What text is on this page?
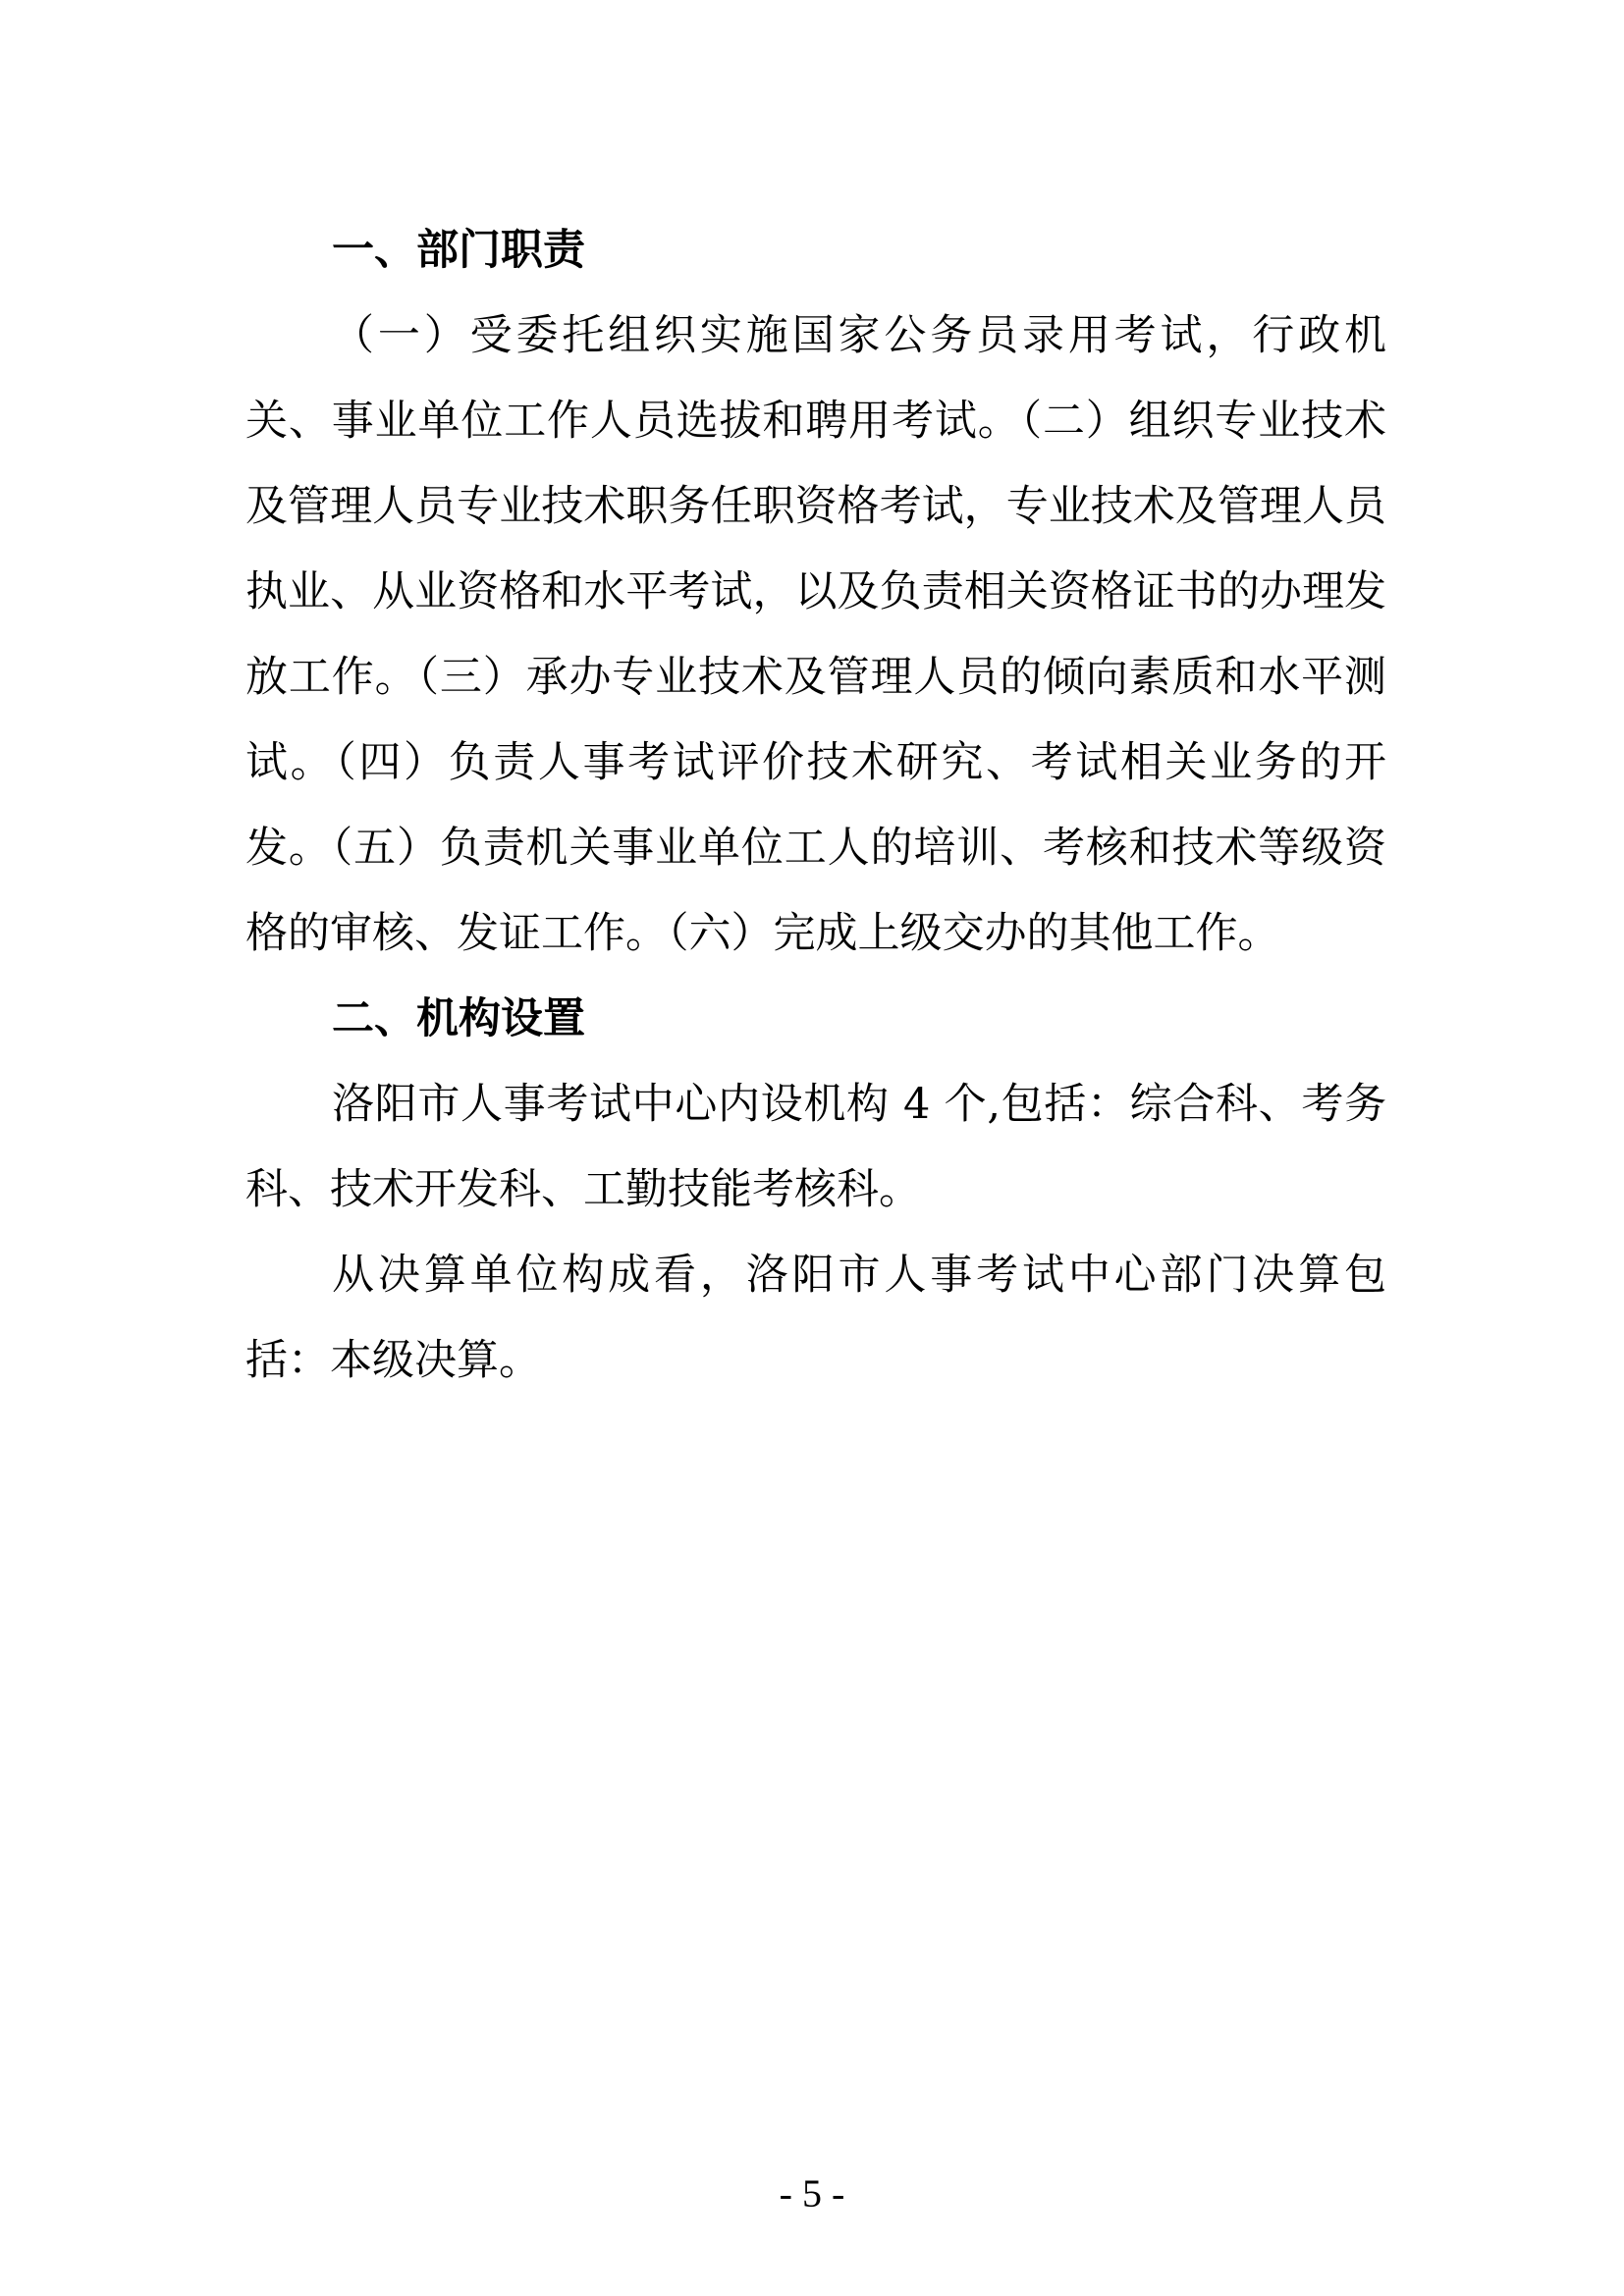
一、部门职责

（一）受委托组织实施国家公务员录用考试，行政机关、事业单位工作人员选拔和聘用考试。（二）组织专业技术及管理人员专业技术职务任职资格考试，专业技术及管理人员执业、从业资格和水平考试，以及负责相关资格证书的办理发放工作。（三）承办专业技术及管理人员的倾向素质和水平测试。（四）负责人事考试评价技术研究、考试相关业务的开发。（五）负责机关事业单位工人的培训、考核和技术等级资格的审核、发证工作。（六）完成上级交办的其他工作。

二、机构设置

洛阳市人事考试中心内设机构 4 个,包括：综合科、考务科、技术开发科、工勤技能考核科。

从决算单位构成看，洛阳市人事考试中心部门决算包括：本级决算。

- 5 -
